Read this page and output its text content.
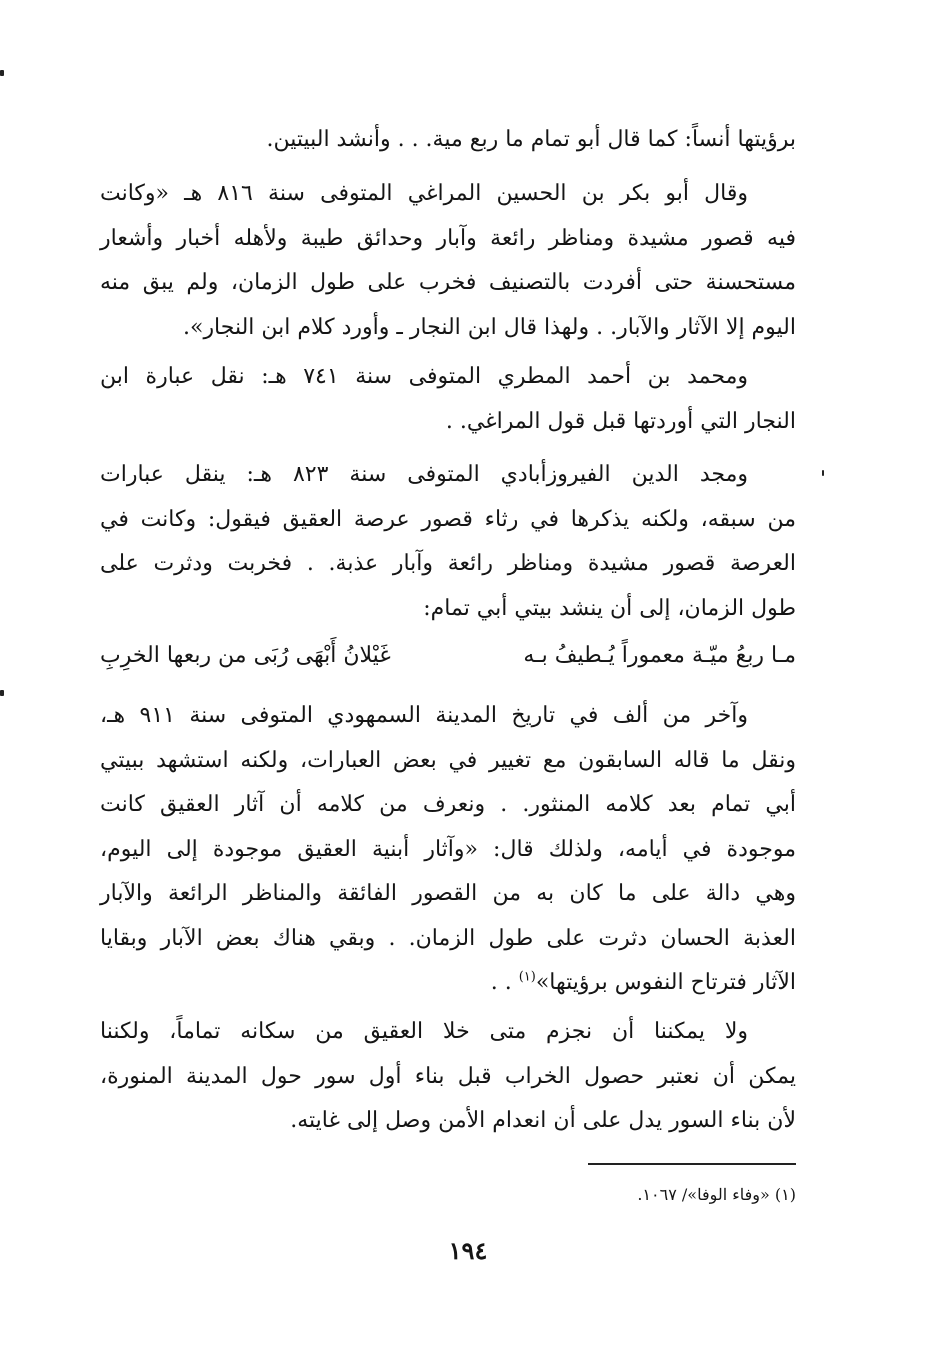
برؤيتها أنساً: كما قال أبو تمام ما ربع مية. . . وأنشد البيتين.
وقال أبو بكر بن الحسين المراغي المتوفى سنة ٨١٦ هـ «وكانت
فيه قصور مشيدة ومناظر رائعة وآبار وحدائق طيبة ولأهله أخبار وأشعار
مستحسنة حتى أفردت بالتصنيف فخرب على طول الزمان، ولم يبق منه
اليوم إلا الآثار والآبار. . ولهذا قال ابن النجار ـ وأورد كلام ابن النجار».
ومحمد بن أحمد المطري المتوفى سنة ٧٤١ هـ: نقل عبارة ابن
النجار التي أوردتها قبل قول المراغي. .
ومجد الدين الفيروزأبادي المتوفى سنة ٨٢٣ هـ: ينقل عبارات
من سبقه، ولكنه يذكرها في رثاء قصور عرصة العقيق فيقول: وكانت في
العرصة قصور مشيدة ومناظر رائعة وآبار عذبة. . فخربت ودثرت على
طول الزمان، إلى أن ينشد بيتي أبي تمام:
مـا ربعُ ميّـة معموراً يُـطيفُ بـه
غَيْلانُ أَبْهَى رُبَى من ربعها الخرِبِ
وآخر من ألف في تاريخ المدينة السمهودي المتوفى سنة ٩١١ هـ،
ونقل ما قاله السابقون مع تغيير في بعض العبارات، ولكنه استشهد ببيتي
أبي تمام بعد كلامه المنثور. . ونعرف من كلامه أن آثار العقيق كانت
موجودة في أيامه، ولذلك قال: «وآثار أبنية العقيق موجودة إلى اليوم،
وهي دالة على ما كان به من القصور الفائقة والمناظر الرائعة والآبار
العذبة الحسان دثرت على طول الزمان. . وبقي هناك بعض الآبار وبقايا
الآثار فترتاح النفوس برؤيتها»$^{(١)}$ . .
ولا يمكننا أن نجزم متى خلا العقيق من سكانه تماماً، ولكننا
يمكن أن نعتبر حصول الخراب قبل بناء أول سور حول المدينة المنورة،
لأن بناء السور يدل على أن انعدام الأمن وصل إلى غايته.
(١) «وفاء الوفا»/ ١٠٦٧.
١٩٤
